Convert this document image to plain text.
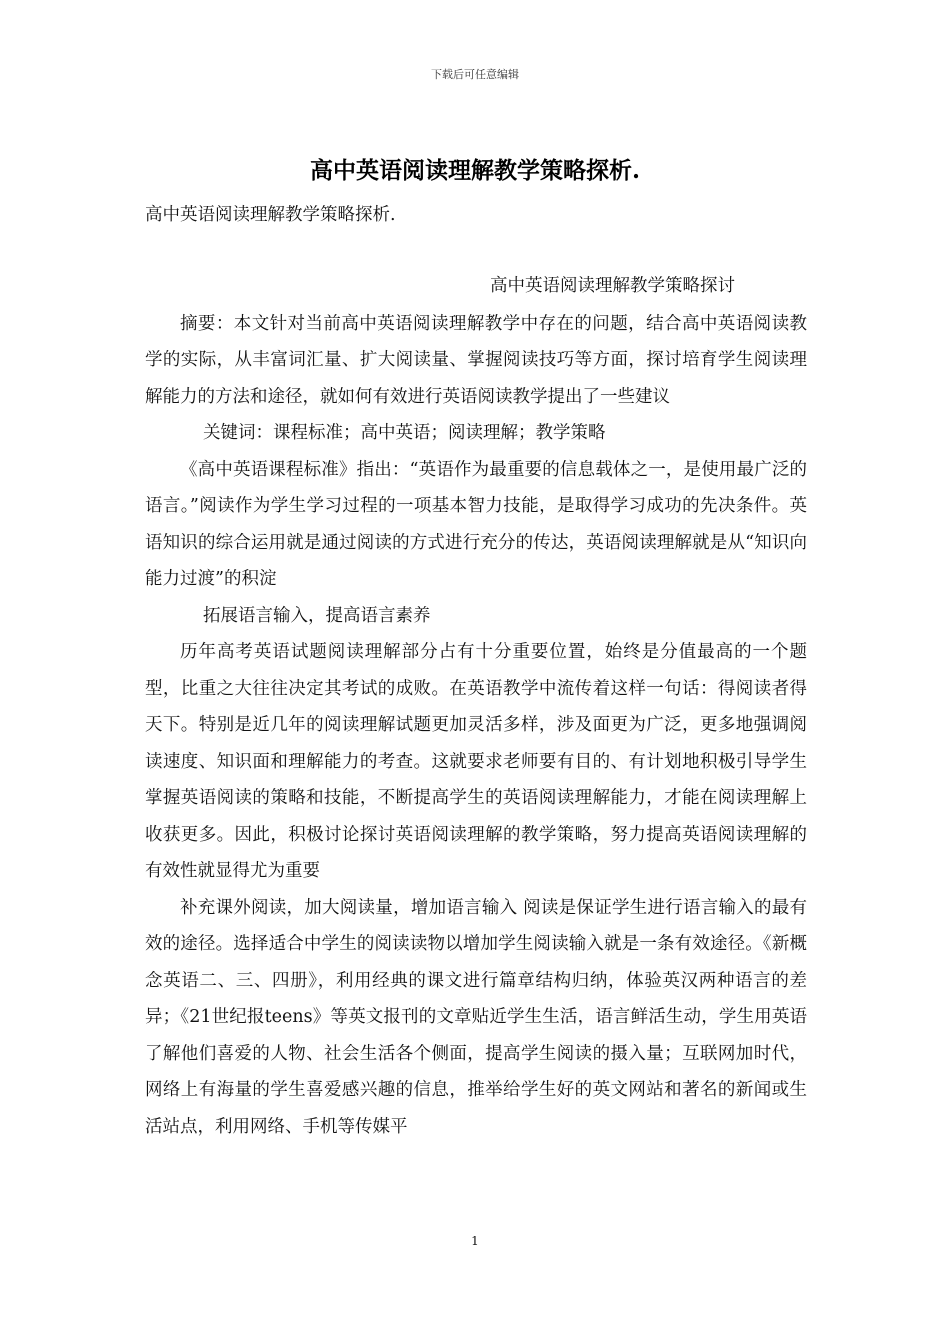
下载后可任意编辑
高中英语阅读理解教学策略探析.
高中英语阅读理解教学策略探析.

高中英语阅读理解教学策略探讨

摘要：本文针对当前高中英语阅读理解教学中存在的问题，结合高中英语阅读教学的实际，从丰富词汇量、扩大阅读量、掌握阅读技巧等方面，探讨培育学生阅读理解能力的方法和途径，就如何有效进行英语阅读教学提出了一些建议

关键词：课程标准；高中英语；阅读理解；教学策略

《高中英语课程标准》指出：“英语作为最重要的信息载体之一，是使用最广泛的语言。”阅读作为学生学习过程的一项基本智力技能，是取得学习成功的先决条件。英语知识的综合运用就是通过阅读的方式进行充分的传达，英语阅读理解就是从“知识向能力过渡”的积淀

拓展语言输入，提高语言素养

历年高考英语试题阅读理解部分占有十分重要位置，始终是分值最高的一个题型，比重之大往往决定其考试的成败。在英语教学中流传着这样一句话：得阅读者得天下。特别是近几年的阅读理解试题更加灵活多样，涉及面更为广泛，更多地强调阅读速度、知识面和理解能力的考查。这就要求老师要有目的、有计划地积极引导学生掌握英语阅读的策略和技能，不断提高学生的英语阅读理解能力，才能在阅读理解上收获更多。因此，积极讨论探讨英语阅读理解的教学策略，努力提高英语阅读理解的有效性就显得尤为重要

补充课外阅读，加大阅读量，增加语言输入 阅读是保证学生进行语言输入的最有效的途径。选择适合中学生的阅读读物以增加学生阅读输入就是一条有效途径。《新概念英语二、三、四册》，利用经典的课文进行篇章结构归纳，体验英汉两种语言的差异；《21世纪报teens》等英文报刊的文章贴近学生生活，语言鲜活生动，学生用英语了解他们喜爱的人物、社会生活各个侧面，提高学生阅读的摄入量；互联网加时代，网络上有海量的学生喜爱感兴趣的信息，推举给学生好的英文网站和著名的新闻或生活站点，利用网络、手机等传媒平

1
